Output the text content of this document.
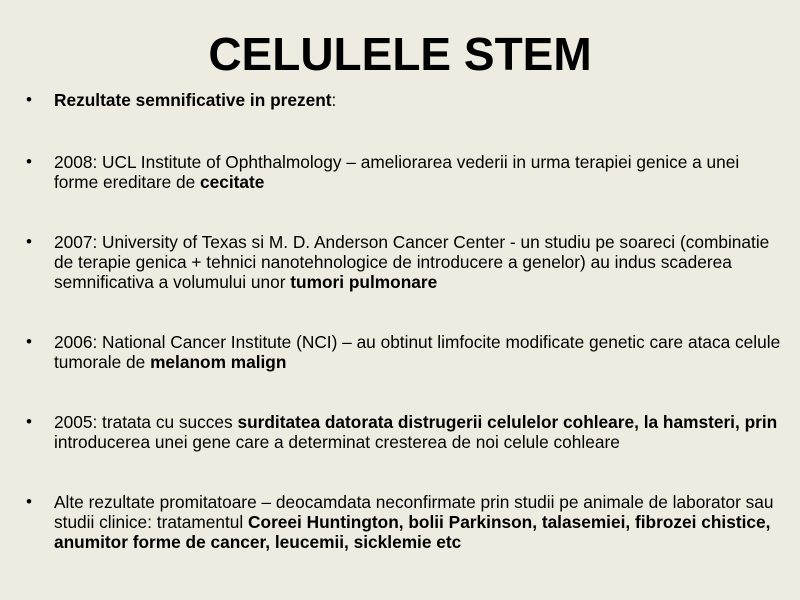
CELULELE STEM
• Rezultate semnificative in prezent:
• 2008: UCL Institute of Ophthalmology – ameliorarea vederii in urma terapiei genice a unei forme ereditare de cecitate
• 2007: University of Texas si M. D. Anderson Cancer Center - un studiu pe soareci (combinatie de terapie genica + tehnici nanotehnologice de introducere a genelor) au indus scaderea semnificativa a volumului unor tumori pulmonare
• 2006: National Cancer Institute (NCI) – au obtinut limfocite modificate genetic care ataca celule tumorale de melanom malign
• 2005: tratata cu succes surditatea datorata distrugerii celulelor cohleare, la hamsteri, prin introducerea unei gene care a determinat cresterea de noi celule cohleare
• Alte rezultate promitatoare – deocamdata neconfirmate prin studii pe animale de laborator sau studii clinice: tratamentul Coreei Huntington, bolii Parkinson, talasemiei, fibrozei chistice, anumitor forme de cancer, leucemii, sicklemie etc
